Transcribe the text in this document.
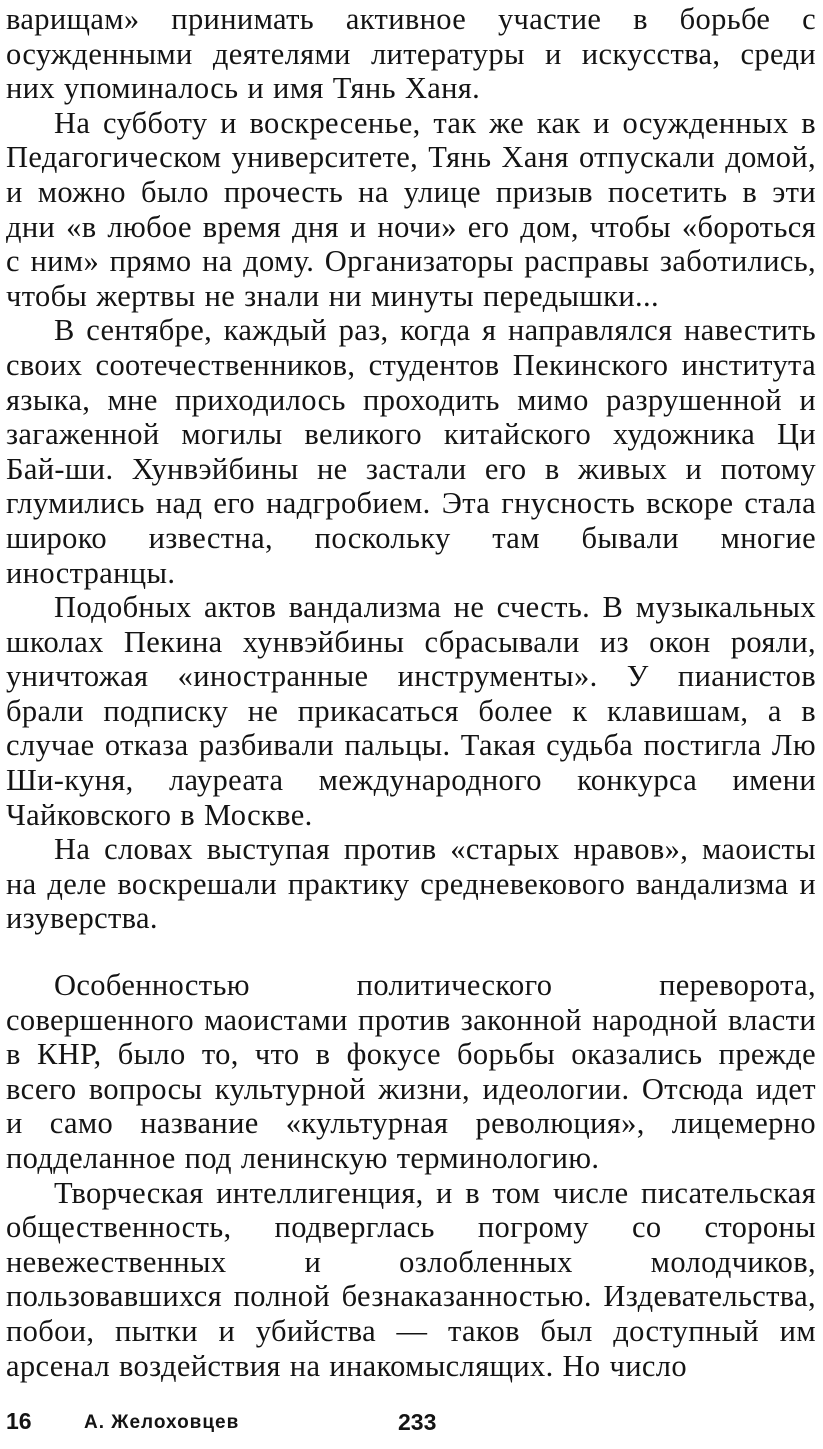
варищам» принимать активное участие в борьбе с осужденными деятелями литературы и искусства, среди них упоминалось и имя Тянь Ханя.

На субботу и воскресенье, так же как и осужденных в Педагогическом университете, Тянь Ханя отпускали домой, и можно было прочесть на улице призыв посетить в эти дни «в любое время дня и ночи» его дом, чтобы «бороться с ним» прямо на дому. Организаторы расправы заботились, чтобы жертвы не знали ни минуты передышки...

В сентябре, каждый раз, когда я направлялся навестить своих соотечественников, студентов Пекинского института языка, мне приходилось проходить мимо разрушенной и загаженной могилы великого китайского художника Ци Бай-ши. Хунвэйбины не застали его в живых и потому глумились над его надгробием. Эта гнусность вскоре стала широко известна, поскольку там бывали многие иностранцы.

Подобных актов вандализма не счесть. В музыкальных школах Пекина хунвэйбины сбрасывали из окон рояли, уничтожая «иностранные инструменты». У пианистов брали подписку не прикасаться более к клавишам, а в случае отказа разбивали пальцы. Такая судьба постигла Лю Ши-куня, лауреата международного конкурса имени Чайковского в Москве.

На словах выступая против «старых нравов», маоисты на деле воскрешали практику средневекового вандализма и изуверства.

Особенностью политического переворота, совершенного маоистами против законной народной власти в КНР, было то, что в фокусе борьбы оказались прежде всего вопросы культурной жизни, идеологии. Отсюда идет и само название «культурная революция», лицемерно подделанное под ленинскую терминологию.

Творческая интеллигенция, и в том числе писательская общественность, подверглась погрому со стороны невежественных и озлобленных молодчиков, пользовавшихся полной безнаказанностью. Издевательства, побои, пытки и убийства — таков был доступный им арсенал воздействия на инакомыслящих. Но число

16	А. Желоховцев	233
